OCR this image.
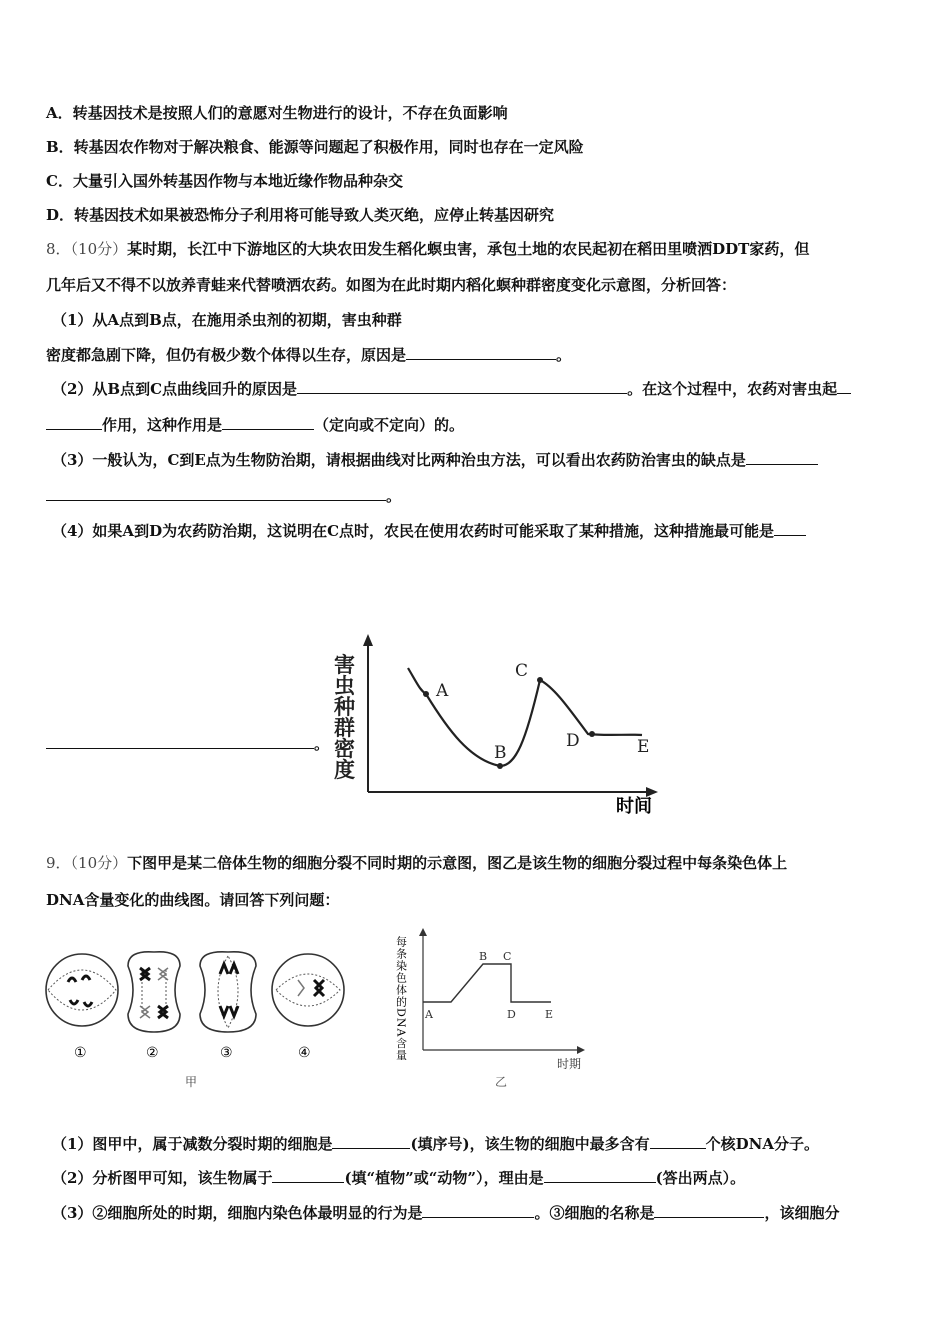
A．转基因技术是按照人们的意愿对生物进行的设计，不存在负面影响
B．转基因农作物对于解决粮食、能源等问题起了积极作用，同时也存在一定风险
C．大量引入国外转基因作物与本地近缘作物品种杂交
D．转基因技术如果被恐怖分子利用将可能导致人类灭绝，应停止转基因研究
8．（10分）某时期，长江中下游地区的大块农田发生稻化螟虫害，承包土地的农民起初在稻田里喷洒DDT家药，但
几年后又不得不以放养青蛙来代替喷洒农药。如图为在此时期内稻化螟种群密度变化示意图，分析回答：
（1）从A点到B点，在施用杀虫剂的初期，害虫种群
密度都急剧下降，但仍有极少数个体得以生存，原因是	。
（2）从B点到C点曲线回升的原因是	。在这个过程中，农药对害虫起
作用，这种作用是	（定向或不定向）的。
（3）一般认为，C到E点为生物防治期，请根据曲线对比两种治虫方法，可以看出农药防治害虫的缺点是
。
（4）如果A到D为农药防治期，这说明在C点时，农民在使用农药时可能采取了某种措施，这种措施最可能是
。
害
虫
种
群
密
度
时间
A
B
C
D	E
9．（10分）下图甲是某二倍体生物的细胞分裂不同时期的示意图，图乙是该生物的细胞分裂过程中每条染色体上
DNA含量变化的曲线图。请回答下列问题：
①	②	③	④
甲
每条染色体的DNA含量 A
B C
D	E
时期
乙
（1）图甲中，属于减数分裂时期的细胞是	(填序号)，该生物的细胞中最多含有	个核DNA分子。
（2）分析图甲可知，该生物属于	(填“植物”或“动物”），理由是	(答出两点）。
（3）②细胞所处的时期，细胞内染色体最明显的行为是	。③细胞的名称是	，该细胞分
